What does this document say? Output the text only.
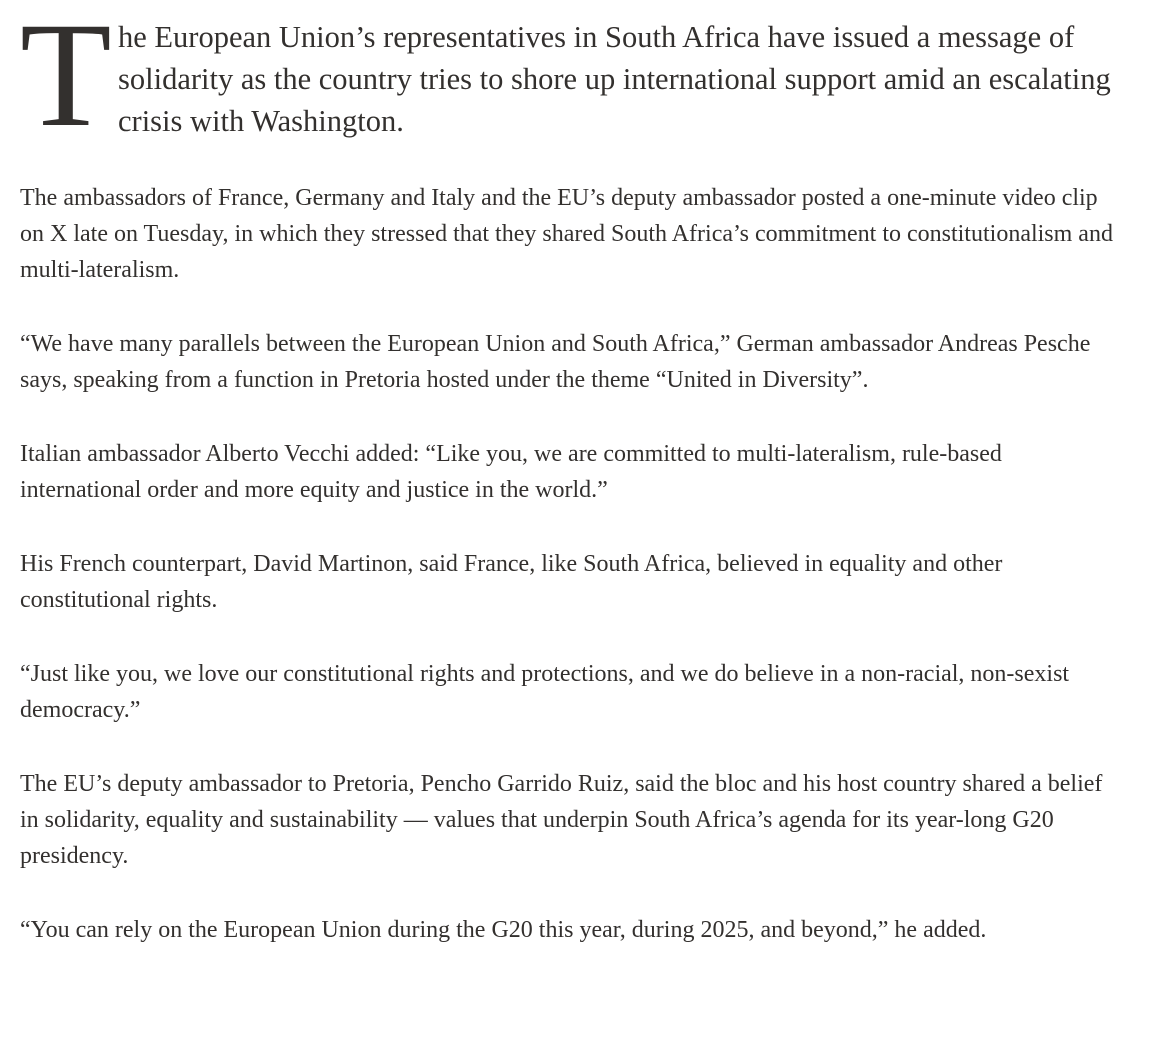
T he European Union’s representatives in South Africa have issued a message of solidarity as the country tries to shore up international support amid an escalating crisis with Washington.

The ambassadors of France, Germany and Italy and the EU’s deputy ambassador posted a one-minute video clip on X late on Tuesday, in which they stressed that they shared South Africa’s commitment to constitutionalism and multi-lateralism.

“We have many parallels between the European Union and South Africa,” German ambassador Andreas Pesche says, speaking from a function in Pretoria hosted under the theme “United in Diversity”.

Italian ambassador Alberto Vecchi added: “Like you, we are committed to multi-lateralism, rule-based international order and more equity and justice in the world.”

His French counterpart, David Martinon, said France, like South Africa, believed in equality and other constitutional rights.

“Just like you, we love our constitutional rights and protections, and we do believe in a non-racial, non-sexist democracy.”

The EU’s deputy ambassador to Pretoria, Pencho Garrido Ruiz, said the bloc and his host country shared a belief in solidarity, equality and sustainability — values that underpin South Africa’s agenda for its year-long G20 presidency.

“You can rely on the European Union during the G20 this year, during 2025, and beyond,” he added.
